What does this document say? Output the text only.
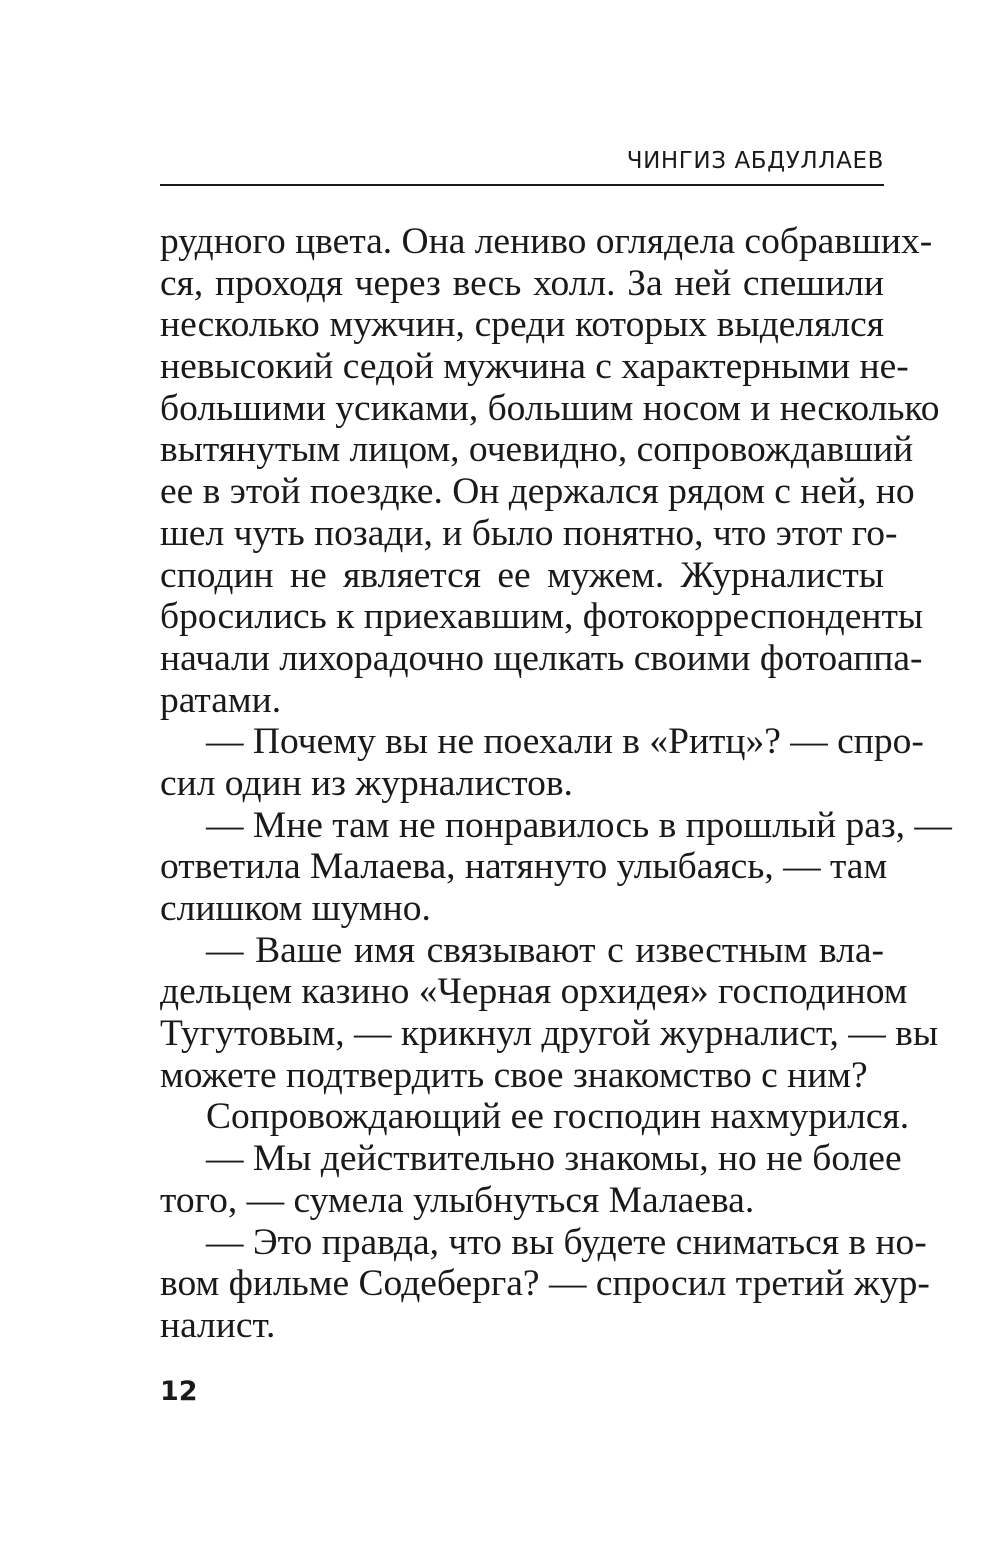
ЧИНГИЗ АБДУЛЛАЕВ
рудного цвета. Она лениво оглядела собравших-
ся, проходя через весь холл. За ней спешили
несколько мужчин, среди которых выделялся
невысокий седой мужчина с характерными не-
большими усиками, большим носом и несколько
вытянутым лицом, очевидно, сопровождавший
ее в этой поездке. Он держался рядом с ней, но
шел чуть позади, и было понятно, что этот го-
сподин не является ее мужем. Журналисты
бросились к приехавшим, фотокорреспонденты
начали лихорадочно щелкать своими фотоаппа-
ратами.
— Почему вы не поехали в «Ритц»? — спро-
сил один из журналистов.
— Мне там не понравилось в прошлый раз, —
ответила Малаева, натянуто улыбаясь, — там
слишком шумно.
— Ваше имя связывают с известным вла-
дельцем казино «Черная орхидея» господином
Тугутовым, — крикнул другой журналист, — вы
можете подтвердить свое знакомство с ним?
Сопровождающий ее господин нахмурился.
— Мы действительно знакомы, но не более
того, — сумела улыбнуться Малаева.
— Это правда, что вы будете сниматься в но-
вом фильме Содеберга? — спросил третий жур-
налист.
12
